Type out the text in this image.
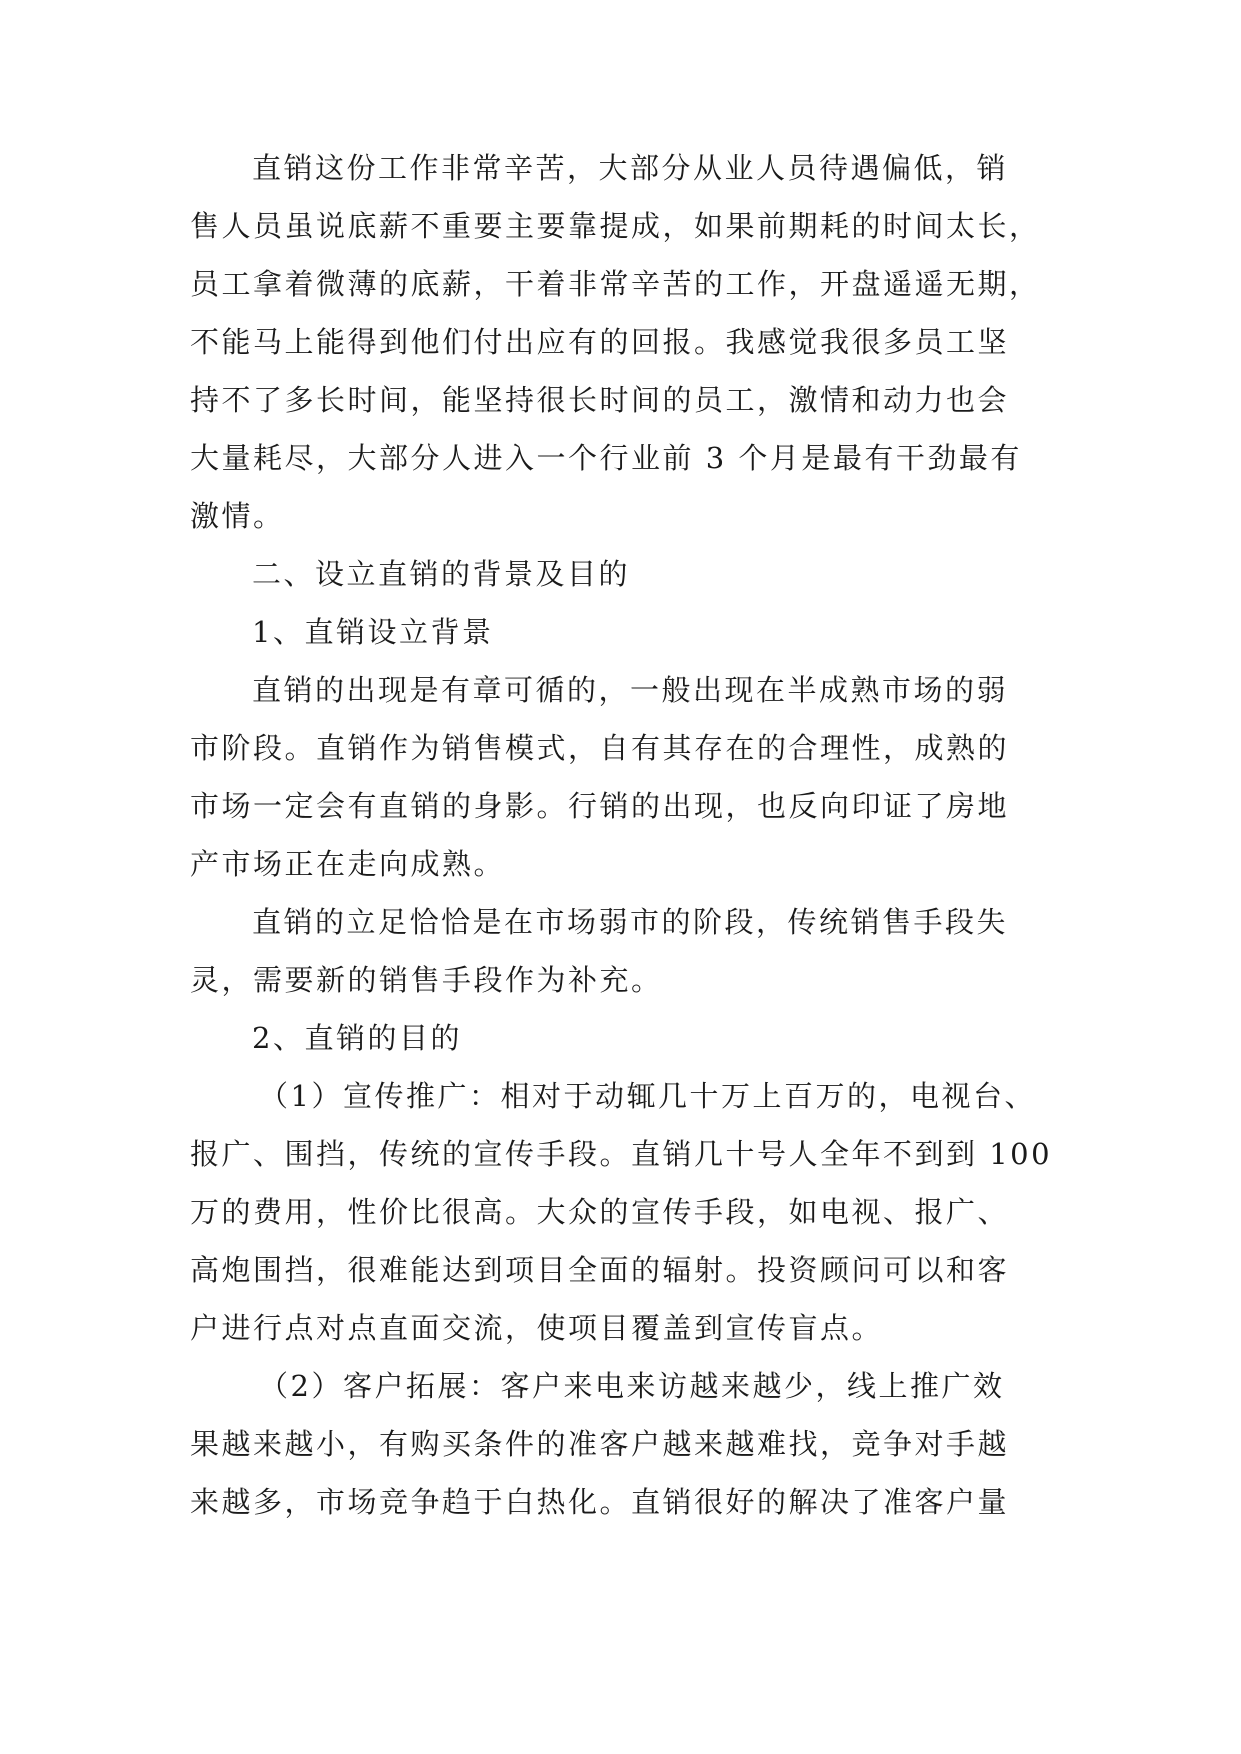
直销这份工作非常辛苦，大部分从业人员待遇偏低，销

售人员虽说底薪不重要主要靠提成，如果前期耗的时间太长，

员工拿着微薄的底薪，干着非常辛苦的工作，开盘遥遥无期，

不能马上能得到他们付出应有的回报。我感觉我很多员工坚

持不了多长时间，能坚持很长时间的员工，激情和动力也会

大量耗尽，大部分人进入一个行业前 3 个月是最有干劲最有

激情。

二、设立直销的背景及目的

1、直销设立背景

直销的出现是有章可循的，一般出现在半成熟市场的弱

市阶段。直销作为销售模式，自有其存在的合理性，成熟的

市场一定会有直销的身影。行销的出现，也反向印证了房地

产市场正在走向成熟。

直销的立足恰恰是在市场弱市的阶段，传统销售手段失

灵，需要新的销售手段作为补充。

2、直销的目的

（1）宣传推广：相对于动辄几十万上百万的，电视台、

报广、围挡，传统的宣传手段。直销几十号人全年不到到 100

万的费用，性价比很高。大众的宣传手段，如电视、报广、

高炮围挡，很难能达到项目全面的辐射。投资顾问可以和客

户进行点对点直面交流，使项目覆盖到宣传盲点。

（2）客户拓展：客户来电来访越来越少，线上推广效

果越来越小，有购买条件的准客户越来越难找，竞争对手越

来越多，市场竞争趋于白热化。直销很好的解决了准客户量
